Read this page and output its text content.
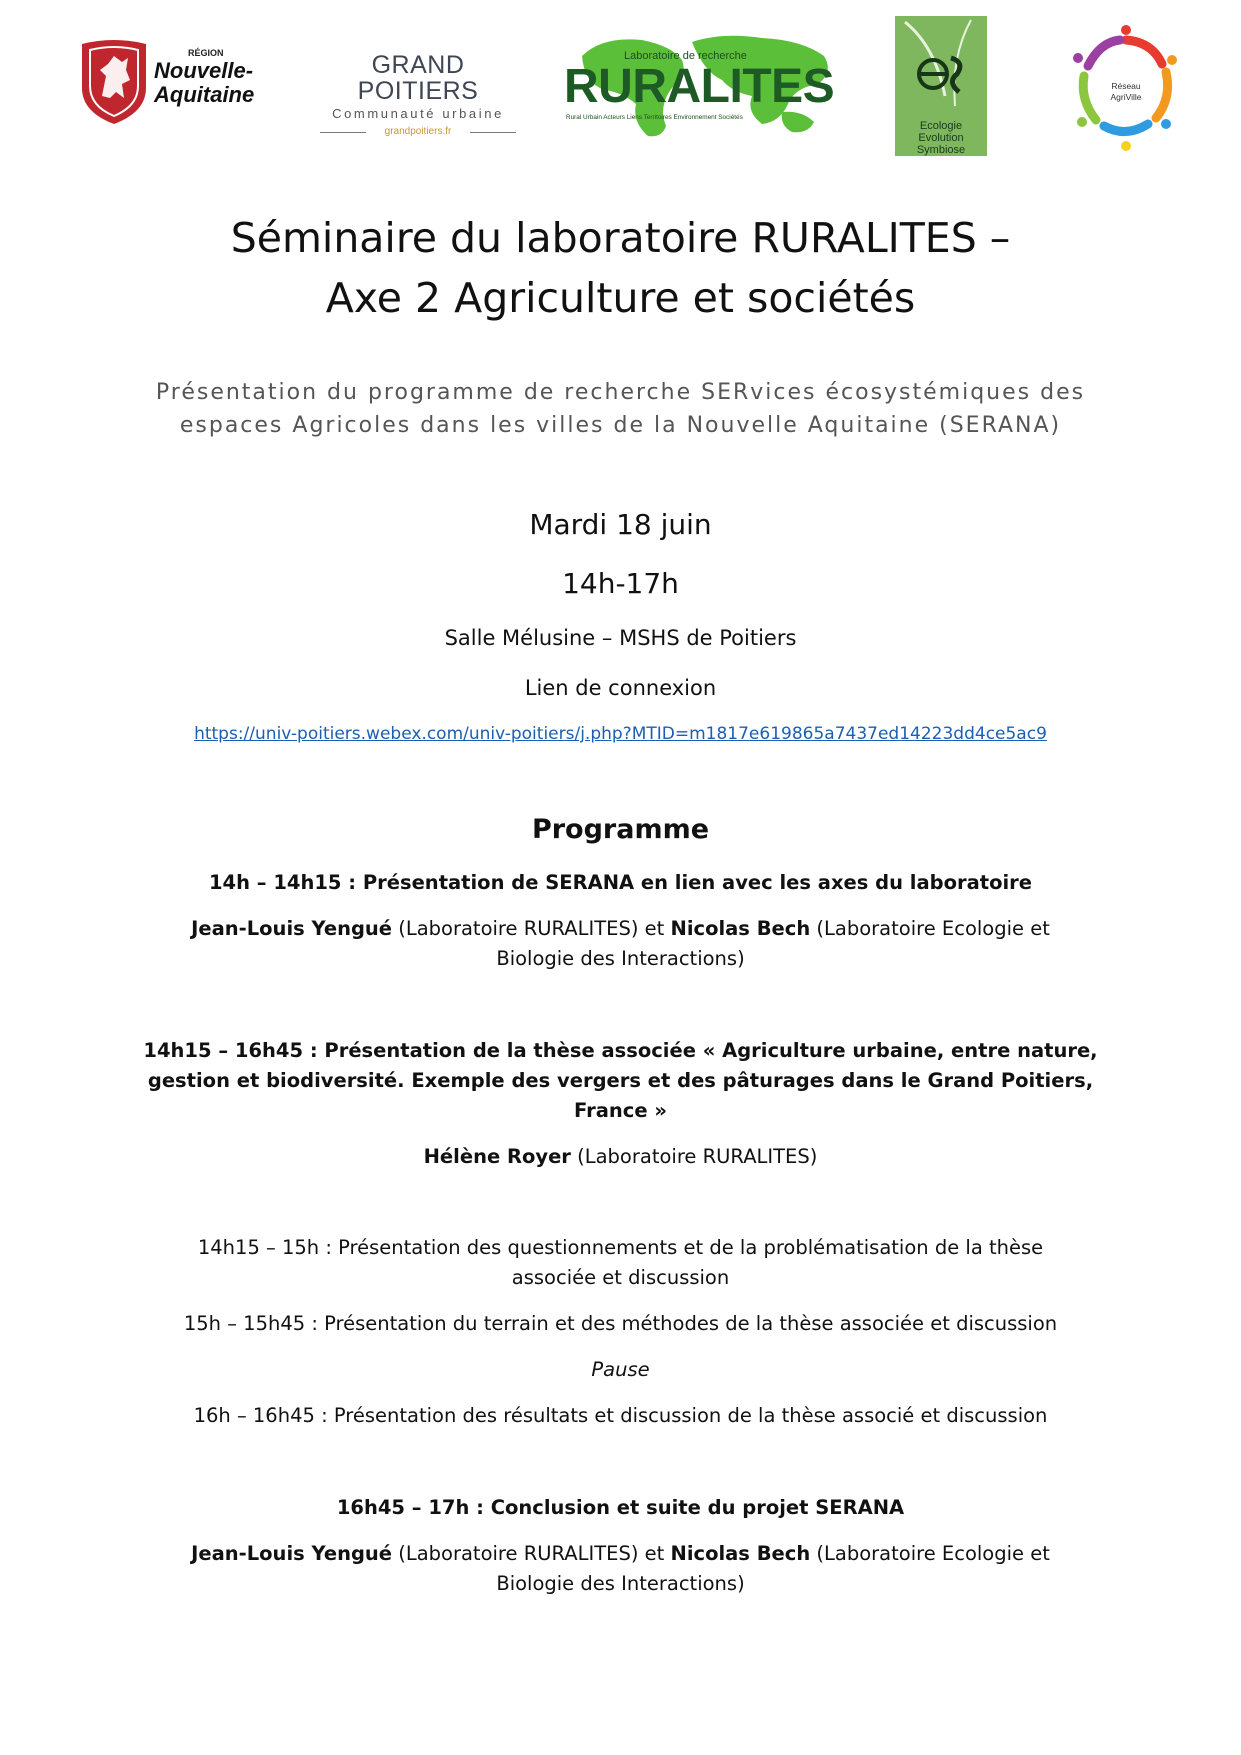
RÉGION
Nouvelle-
Aquitaine
GRAND POITIERS
Communauté urbaine
grandpoitiers.fr
Laboratoire de recherche
RURALITES
Rural Urbain Acteurs Liens Territoires Environnement Sociétés
Ecologie
Evolution
Symbiose
Réseau
AgriVille
Séminaire du laboratoire RURALITES –
Axe 2 Agriculture et sociétés
Présentation du programme de recherche SERvices écosystémiques des
espaces Agricoles dans les villes de la Nouvelle Aquitaine (SERANA)
Mardi 18 juin
14h-17h
Salle Mélusine – MSHS de Poitiers
Lien de connexion
https://univ-poitiers.webex.com/univ-poitiers/j.php?MTID=m1817e619865a7437ed14223dd4ce5ac9
Programme
14h – 14h15 : Présentation de SERANA en lien avec les axes du laboratoire
Jean-Louis Yengué (Laboratoire RURALITES) et Nicolas Bech (Laboratoire Ecologie et
Biologie des Interactions)
14h15 – 16h45 : Présentation de la thèse associée « Agriculture urbaine, entre nature,
gestion et biodiversité. Exemple des vergers et des pâturages dans le Grand Poitiers,
France »
Hélène Royer (Laboratoire RURALITES)
14h15 – 15h : Présentation des questionnements et de la problématisation de la thèse
associée et discussion
15h – 15h45 : Présentation du terrain et des méthodes de la thèse associée et discussion
Pause
16h – 16h45 : Présentation des résultats et discussion de la thèse associé et discussion
16h45 – 17h : Conclusion et suite du projet SERANA
Jean-Louis Yengué (Laboratoire RURALITES) et Nicolas Bech (Laboratoire Ecologie et
Biologie des Interactions)
